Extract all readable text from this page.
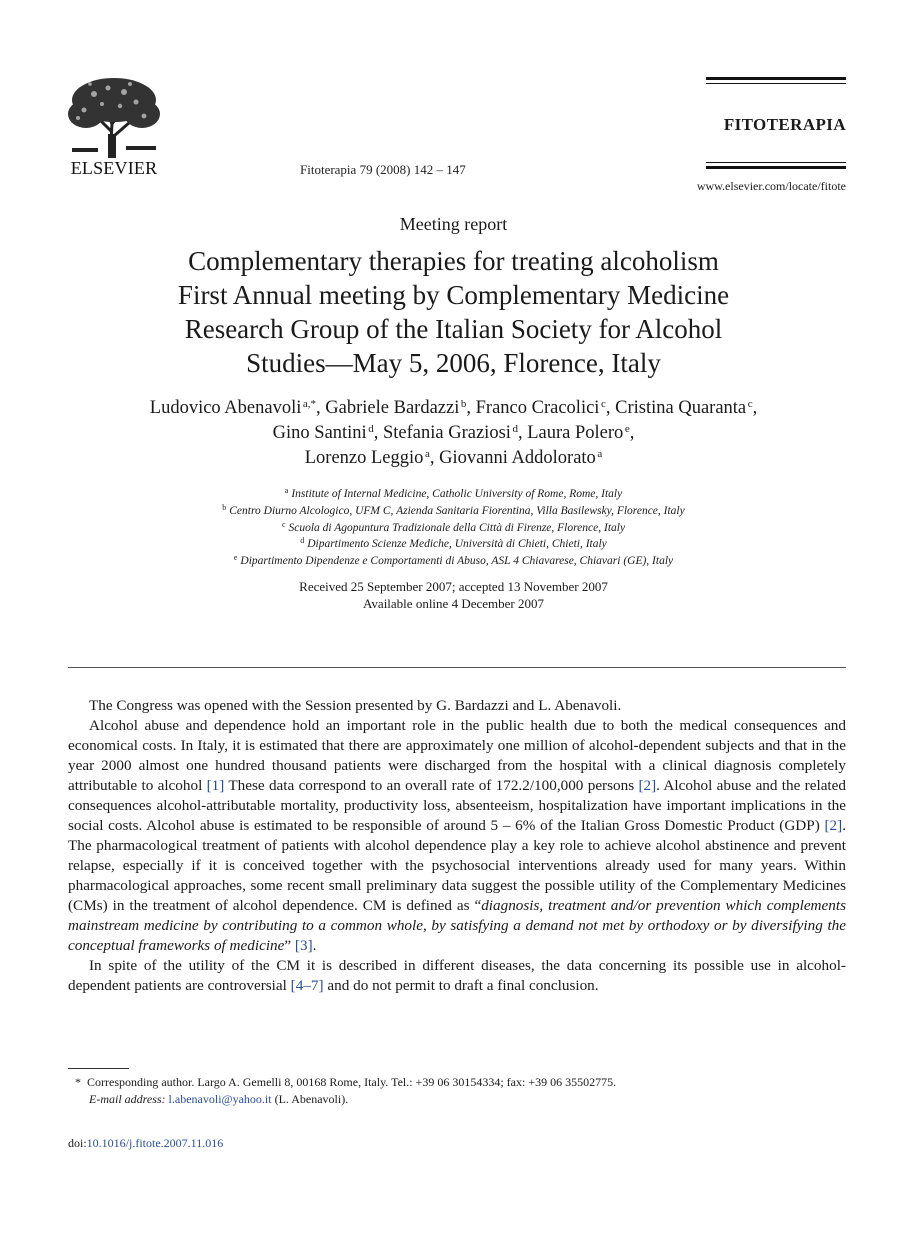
ELSEVIER	Fitoterapia 79 (2008) 142 – 147
FITOTERAPIA
www.elsevier.com/locate/fitote
Meeting report
Complementary therapies for treating alcoholism
First Annual meeting by Complementary Medicine
Research Group of the Italian Society for Alcohol
Studies—May 5, 2006, Florence, Italy
Ludovico Abenavoli  $^{a,*}$, Gabriele Bardazzi  $^b$, Franco Cracolici  $^c$, Cristina Quaranta  $^c$,
Gino Santini  $^d$, Stefania Graziosi  $^d$, Laura Polero  $^e$,
Lorenzo Leggio  $^a$, Giovanni Addolorato  $^a$
$^a$ Institute of Internal Medicine, Catholic University of Rome, Rome, Italy
$^b$ Centro Diurno Alcologico, UFM C, Azienda Sanitaria Fiorentina, Villa Basilewsky, Florence, Italy
$^c$ Scuola di Agopuntura Tradizionale della Città di Firenze, Florence, Italy
$^d$ Dipartimento Scienze Mediche, Università di Chieti, Chieti, Italy
$^e$ Dipartimento Dipendenze e Comportamenti di Abuso, ASL 4 Chiavarese, Chiavari (GE), Italy
Received 25 September 2007; accepted 13 November 2007
Available online 4 December 2007

The Congress was opened with the Session presented by G. Bardazzi and L. Abenavoli.

Alcohol abuse and dependence hold an important role in the public health due to both the medical consequences and economical costs. In Italy, it is estimated that there are approximately one million of alcohol-dependent subjects and that in the year 2000 almost one hundred thousand patients were discharged from the hospital with a clinical diagnosis completely attributable to alcohol [1] These data correspond to an overall rate of 172.2/100,000 persons [2]. Alcohol abuse and the related consequences alcohol-attributable mortality, productivity loss, absenteeism, hospitalization have important implications in the social costs. Alcohol abuse is estimated to be responsible of around 5 – 6% of the Italian Gross Domestic Product (GDP) [2]. The pharmacological treatment of patients with alcohol dependence play a key role to achieve alcohol abstinence and prevent relapse, especially if it is conceived together with the psychosocial interventions already used for many years. Within pharmacological approaches, some recent small preliminary data suggest the possible utility of the Complementary Medicines (CMs) in the treatment of alcohol dependence. CM is defined as “diagnosis, treatment and/or prevention which complements mainstream medicine by contributing to a common whole, by satisfying a demand not met by orthodoxy or by diversifying the conceptual frameworks of medicine” [3].

In spite of the utility of the CM it is described in different diseases, the data concerning its possible use in alcohol-dependent patients are controversial [4–7] and do not permit to draft a final conclusion.

* Corresponding author. Largo A. Gemelli 8, 00168 Rome, Italy. Tel.: +39 06 30154334; fax: +39 06 35502775.
E-mail address: l.abenavoli@yahoo.it (L. Abenavoli).
doi:10.1016/j.fitote.2007.11.016
